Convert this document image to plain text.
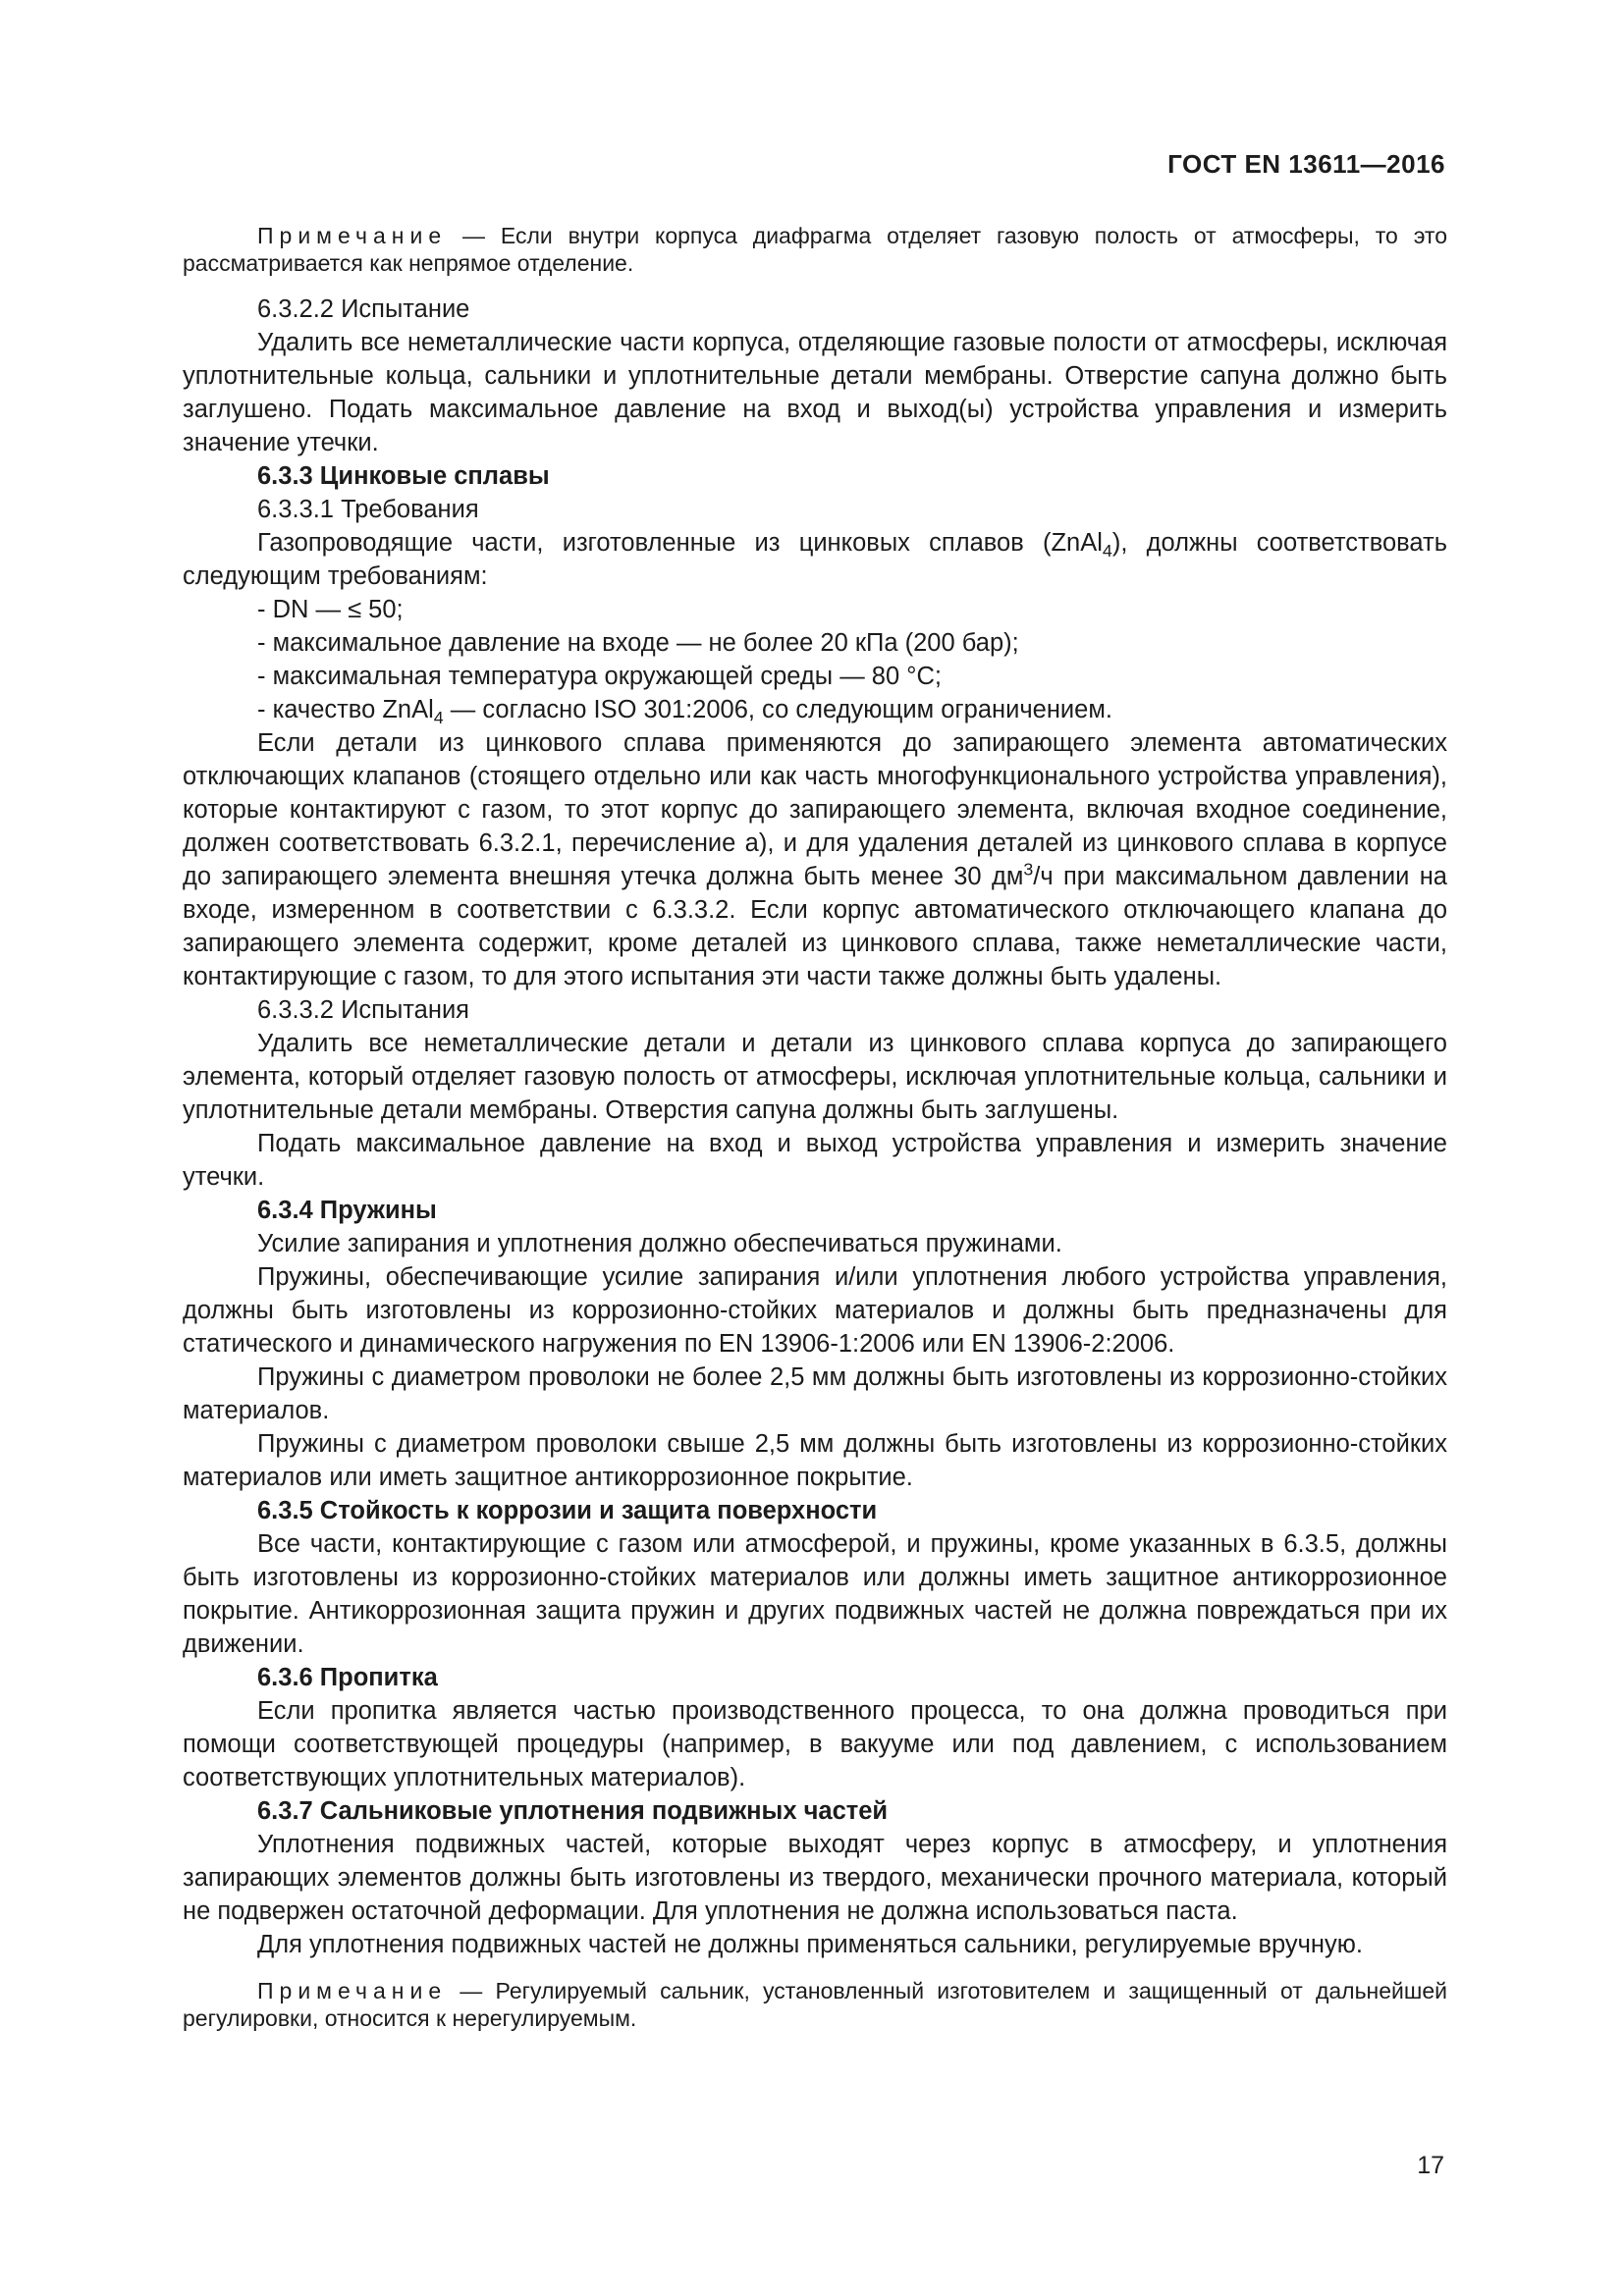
ГОСТ EN 13611—2016

Примечание — Если внутри корпуса диафрагма отделяет газовую полость от атмосферы, то это рассматривается как непрямое отделение.

6.3.2.2 Испытание

Удалить все неметаллические части корпуса, отделяющие газовые полости от атмосферы, исключая уплотнительные кольца, сальники и уплотнительные детали мембраны. Отверстие сапуна должно быть заглушено. Подать максимальное давление на вход и выход(ы) устройства управления и измерить значение утечки.

6.3.3 Цинковые сплавы

6.3.3.1 Требования

Газопроводящие части, изготовленные из цинковых сплавов (ZnAl$_4$), должны соответствовать следующим требованиям:

- DN — ≤ 50;

- максимальное давление на входе — не более 20 кПа (200 бар);

- максимальная температура окружающей среды — 80 °С;

- качество ZnAl$_4$ — согласно ISO 301:2006, со следующим ограничением.

Если детали из цинкового сплава применяются до запирающего элемента автоматических отключающих клапанов (стоящего отдельно или как часть многофункционального устройства управления), которые контактируют с газом, то этот корпус до запирающего элемента, включая входное соединение, должен соответствовать 6.3.2.1, перечисление а), и для удаления деталей из цинкового сплава в корпусе до запирающего элемента внешняя утечка должна быть менее 30 $дм^3/ч$ при максимальном давлении на входе, измеренном в соответствии с 6.3.3.2. Если корпус автоматического отключающего клапана до запирающего элемента содержит, кроме деталей из цинкового сплава, также неметаллические части, контактирующие с газом, то для этого испытания эти части также должны быть удалены.

6.3.3.2 Испытания

Удалить все неметаллические детали и детали из цинкового сплава корпуса до запирающего элемента, который отделяет газовую полость от атмосферы, исключая уплотнительные кольца, сальники и уплотнительные детали мембраны. Отверстия сапуна должны быть заглушены.

Подать максимальное давление на вход и выход устройства управления и измерить значение утечки.

6.3.4 Пружины

Усилие запирания и уплотнения должно обеспечиваться пружинами.

Пружины, обеспечивающие усилие запирания и/или уплотнения любого устройства управления, должны быть изготовлены из коррозионно-стойких материалов и должны быть предназначены для статического и динамического нагружения по EN 13906-1:2006 или EN 13906-2:2006.

Пружины с диаметром проволоки не более 2,5 мм должны быть изготовлены из коррозионно-стойких материалов.

Пружины с диаметром проволоки свыше 2,5 мм должны быть изготовлены из коррозионно-стойких материалов или иметь защитное антикоррозионное покрытие.

6.3.5 Стойкость к коррозии и защита поверхности

Все части, контактирующие с газом или атмосферой, и пружины, кроме указанных в 6.3.5, должны быть изготовлены из коррозионно-стойких материалов или должны иметь защитное антикоррозионное покрытие. Антикоррозионная защита пружин и других подвижных частей не должна повреждаться при их движении.

6.3.6 Пропитка

Если пропитка является частью производственного процесса, то она должна проводиться при помощи соответствующей процедуры (например, в вакууме или под давлением, с использованием соответствующих уплотнительных материалов).

6.3.7 Сальниковые уплотнения подвижных частей

Уплотнения подвижных частей, которые выходят через корпус в атмосферу, и уплотнения запирающих элементов должны быть изготовлены из твердого, механически прочного материала, который не подвержен остаточной деформации. Для уплотнения не должна использоваться паста.

Для уплотнения подвижных частей не должны применяться сальники, регулируемые вручную.

Примечание — Регулируемый сальник, установленный изготовителем и защищенный от дальнейшей регулировки, относится к нерегулируемым.

17
